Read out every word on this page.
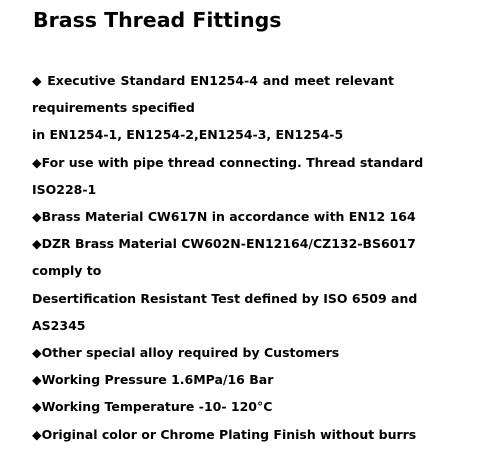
Brass Thread Fittings
◆ Executive Standard EN1254-4 and meet relevant
requirements specified
in EN1254-1, EN1254-2,EN1254-3, EN1254-5
◆For use with pipe thread connecting. Thread standard
ISO228-1
◆Brass Material CW617N in accordance with EN12 164
◆DZR Brass Material CW602N-EN12164/CZ132-BS6017
comply to
Desertification Resistant Test defined by ISO 6509 and
AS2345
◆Other special alloy required by Customers
◆Working Pressure 1.6MPa/16 Bar
◆Working Temperature -10- 120°C
◆Original color or Chrome Plating Finish without burrs
